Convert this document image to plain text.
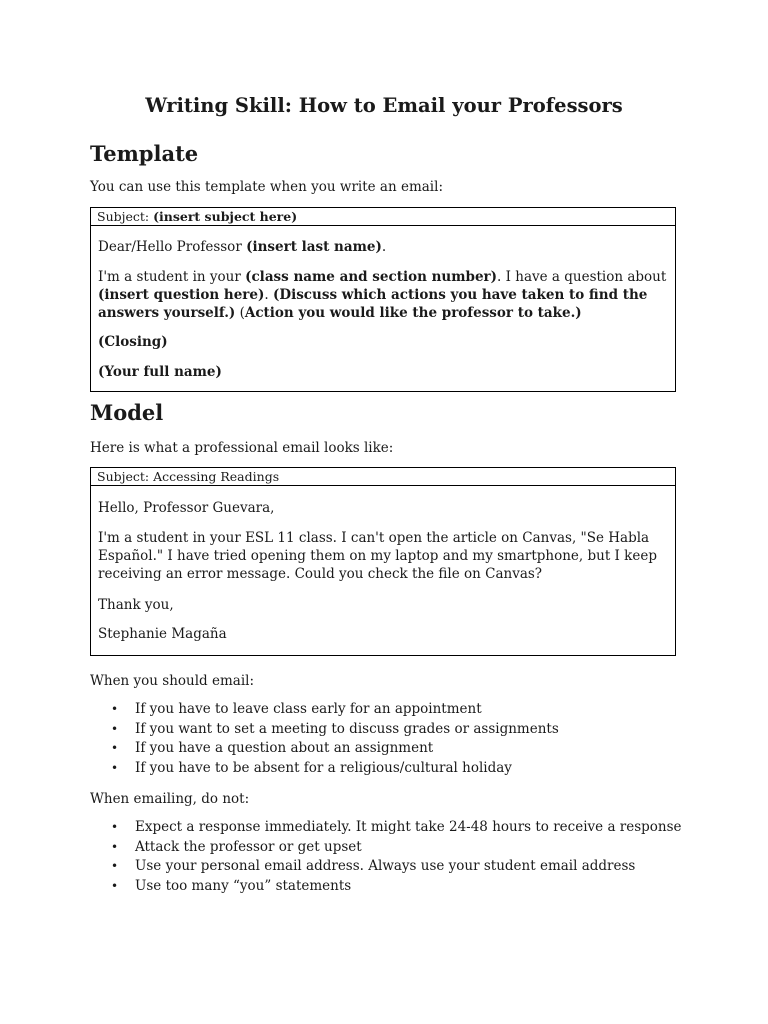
Writing Skill: How to Email your Professors
Template

You can use this template when you write an email:

Subject: (insert subject here)

Dear/Hello Professor (insert last name).

I'm a student in your (class name and section number). I have a question about (insert question here). (Discuss which actions you have taken to find the answers yourself.) (Action you would like the professor to take.)

(Closing)

(Your full name)

Model

Here is what a professional email looks like:

Subject: Accessing Readings

Hello, Professor Guevara,

I'm a student in your ESL 11 class. I can't open the article on Canvas, "Se Habla Español." I have tried opening them on my laptop and my smartphone, but I keep receiving an error message. Could you check the file on Canvas?

Thank you,

Stephanie Magaña

When you should email:

• If you have to leave class early for an appointment
• If you want to set a meeting to discuss grades or assignments
• If you have a question about an assignment
• If you have to be absent for a religious/cultural holiday

When emailing, do not:

• Expect a response immediately. It might take 24-48 hours to receive a response
• Attack the professor or get upset
• Use your personal email address. Always use your student email address
• Use too many “you” statements
